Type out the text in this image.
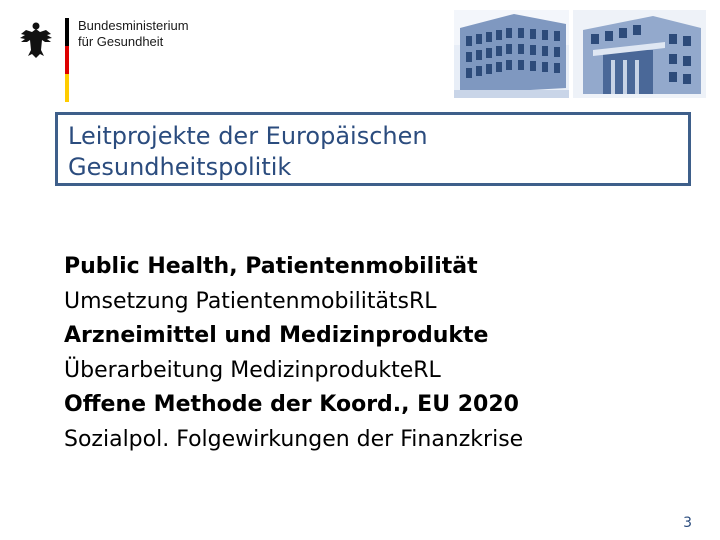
Bundesministerium
für Gesundheit
Leitprojekte der Europäischen
Gesundheitspolitik
Public Health, Patientenmobilität
Umsetzung PatientenmobilitätsRL
Arzneimittel und Medizinprodukte
Überarbeitung MedizinprodukteRL
Offene Methode der Koord., EU 2020
Sozialpol. Folgewirkungen der Finanzkrise
3
